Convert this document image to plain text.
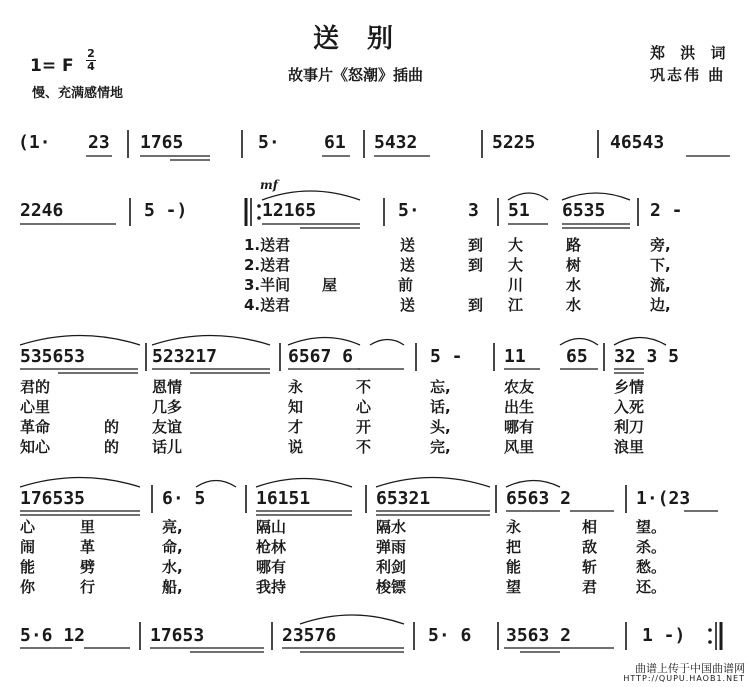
送别
故事片《怒潮》插曲
郑 洪 词
巩志伟 曲
1= F
2
4
慢、充满感情地
mf
(1· 23 1765	5· 61 5432	5225	46543
2246	5 -)	12165	5·	3 51 6535 2 -
1.送君	送	到 大	路	旁,
2.送君	送	到 大	树	下,
3.半间 屋	前	川	水	流,
4.送君	送	到 江	水	边,
535653	523217	6567 6	5 - 11 65 32 3 5
君的	恩情	永	不	忘,	农友	乡情
心里	几多	知	心	话,	出生	入死
革命	的 友谊	才	开	头,	哪有	利刀
知心	的 话儿	说	不	完,	风里	浪里
176535	6· 5	16151	65321	6563 2	1·(23
心	里	亮,	隔山	隔水	永	相	望。
闹	革	命,	枪林	弹雨	把	敌	杀。
能	劈	水,	哪有	利剑	能	斩	愁。
你	行	船,	我持	梭镖	望	君	还。
5·6 12	17653	23576	5· 6 3563 2	1 -)
曲谱上传于中国曲谱网
HTTP://QUPU.HAOB1.NET
